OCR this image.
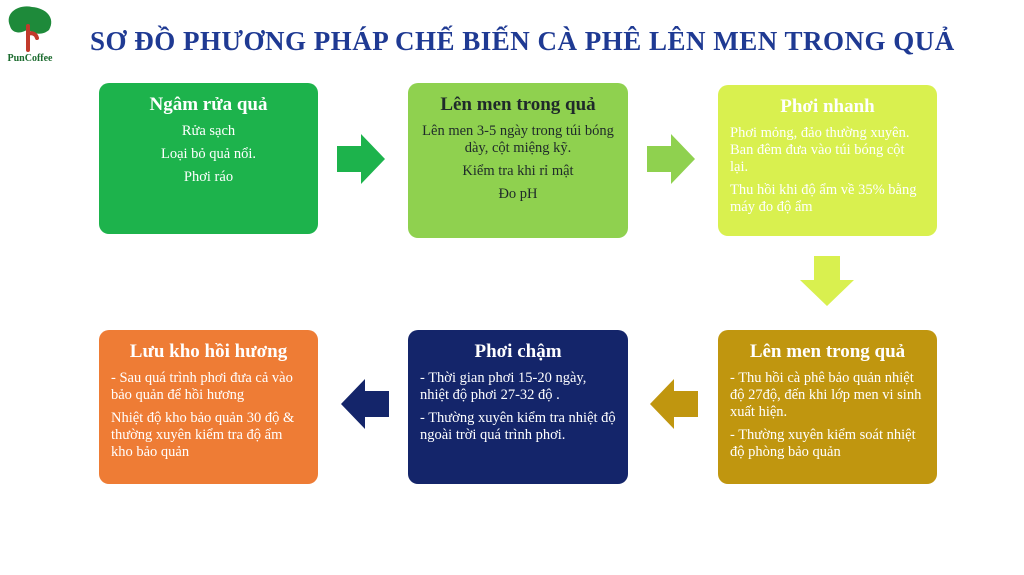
PunCoffee
SƠ ĐỒ PHƯƠNG PHÁP CHẾ BIẾN CÀ PHÊ LÊN MEN TRONG QUẢ
Ngâm rửa quả

Rửa sạch

Loại bỏ quả nổi.

Phơi ráo

Lên men trong quả

Lên men 3-5 ngày trong túi bóng dày, cột miệng kỹ.

Kiểm tra khi rỉ mật

Đo pH

Phơi nhanh

Phơi mỏng, đảo thường xuyên. Ban đêm đưa vào túi bóng cột lại.

Thu hồi khi độ ẩm về 35% bằng máy đo độ ẩm

Lên men trong quả

- Thu hồi cà phê bảo quản nhiệt độ 27độ, đến khi lớp men vi sinh xuất hiện.

- Thường xuyên kiểm soát nhiệt độ phòng bảo quản

Phơi chậm

- Thời gian phơi 15-20 ngày, nhiệt độ phơi 27-32 độ .

- Thường xuyên kiểm tra nhiệt độ ngoài trời quá trình phơi.

Lưu kho hồi hương

- Sau quá trình phơi đưa cả vào bảo quản để hồi hương

Nhiệt độ kho bảo quản 30 độ & thường xuyên kiểm tra độ ẩm kho bảo quản
